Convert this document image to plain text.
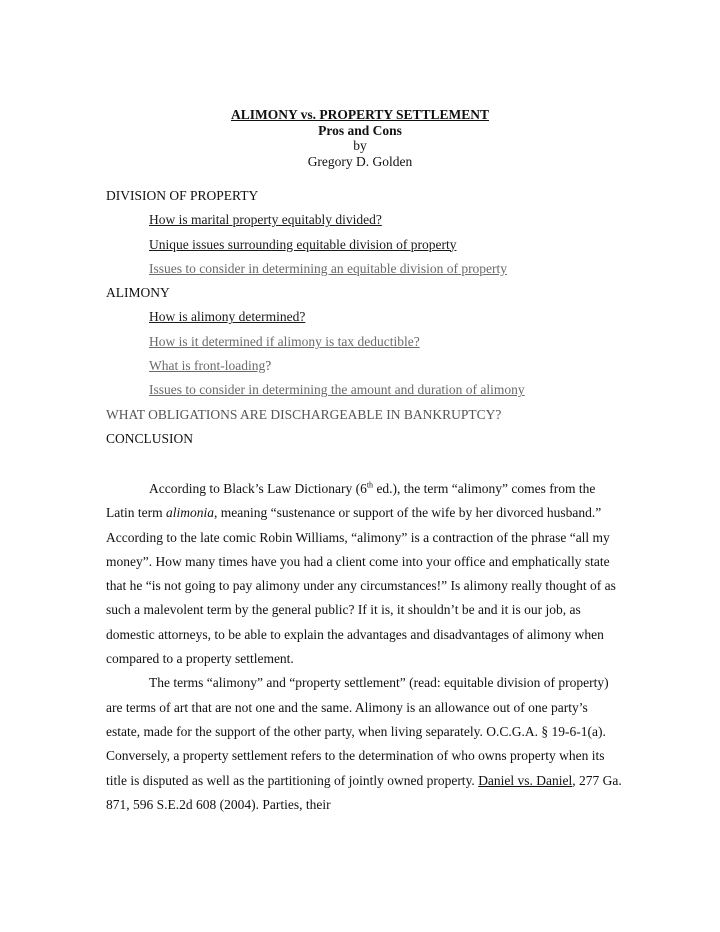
ALIMONY vs. PROPERTY SETTLEMENT
Pros and Cons
by
Gregory D. Golden
DIVISION OF PROPERTY
How is marital property equitably divided?
Unique issues surrounding equitable division of property
Issues to consider in determining an equitable division of property
ALIMONY
How is alimony determined?
How is it determined if alimony is tax deductible?
What is front-loading?
Issues to consider in determining the amount and duration of alimony
WHAT OBLIGATIONS ARE DISCHARGEABLE IN BANKRUPTCY?
CONCLUSION

According to Black’s Law Dictionary (6th ed.), the term “alimony” comes from the Latin term alimonia, meaning “sustenance or support of the wife by her divorced husband.” According to the late comic Robin Williams, “alimony” is a contraction of the phrase “all my money”. How many times have you had a client come into your office and emphatically state that he “is not going to pay alimony under any circumstances!” Is alimony really thought of as such a malevolent term by the general public? If it is, it shouldn’t be and it is our job, as domestic attorneys, to be able to explain the advantages and disadvantages of alimony when compared to a property settlement.

The terms “alimony” and “property settlement” (read: equitable division of property) are terms of art that are not one and the same. Alimony is an allowance out of one party’s estate, made for the support of the other party, when living separately. O.C.G.A. § 19-6-1(a). Conversely, a property settlement refers to the determination of who owns property when its title is disputed as well as the partitioning of jointly owned property. Daniel vs. Daniel, 277 Ga. 871, 596 S.E.2d 608 (2004). Parties, their
